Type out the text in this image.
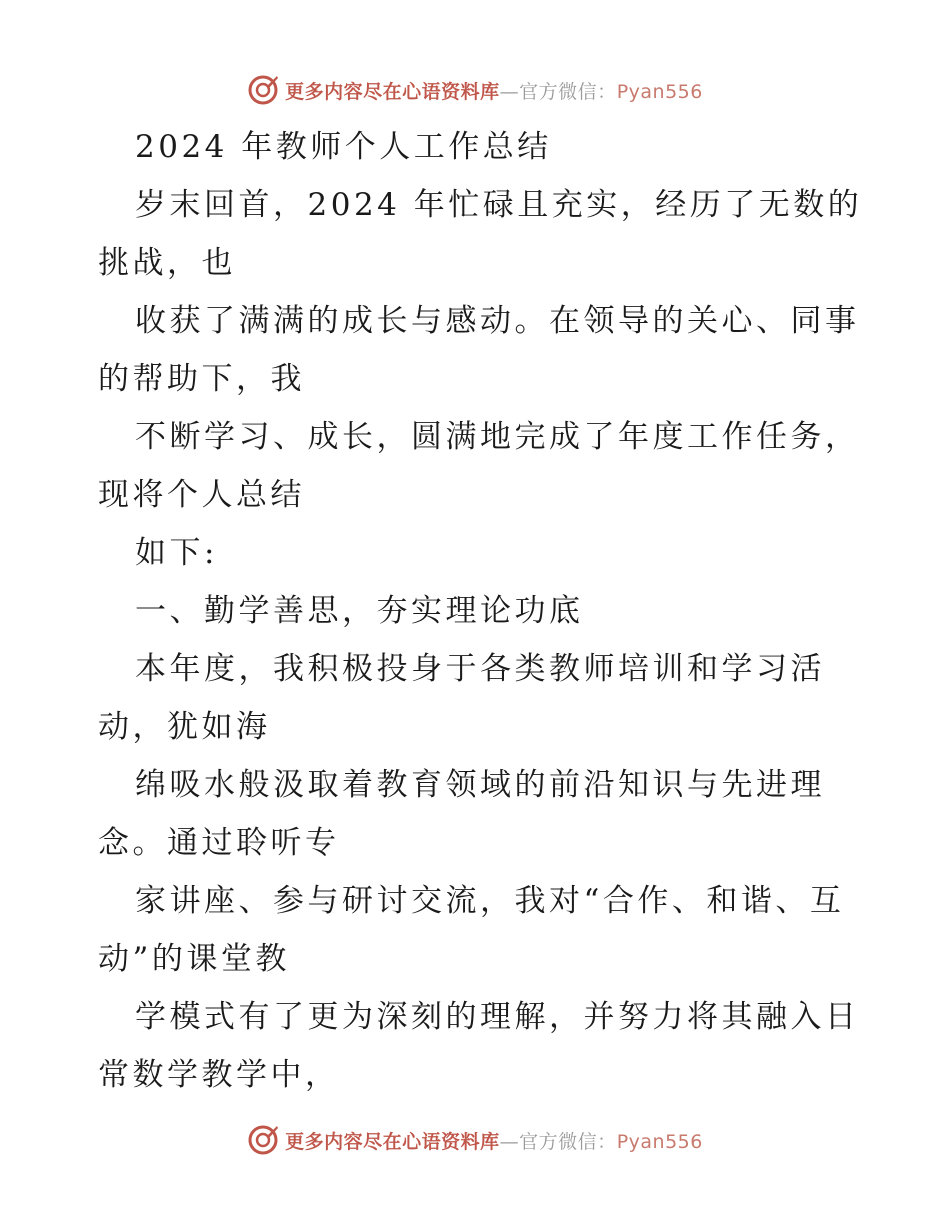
更多内容尽在心语资料库—官方微信：Pyan556
2024 年教师个人工作总结
岁末回首，2024 年忙碌且充实，经历了无数的
挑战，也
收获了满满的成长与感动。在领导的关心、同事
的帮助下，我
不断学习、成长，圆满地完成了年度工作任务，
现将个人总结
如下:
一、勤学善思，夯实理论功底
本年度，我积极投身于各类教师培训和学习活
动，犹如海
绵吸水般汲取着教育领域的前沿知识与先进理
念。通过聆听专
家讲座、参与研讨交流，我对“合作、和谐、互
动”的课堂教
学模式有了更为深刻的理解，并努力将其融入日
常数学教学中，
更多内容尽在心语资料库—官方微信：Pyan556
